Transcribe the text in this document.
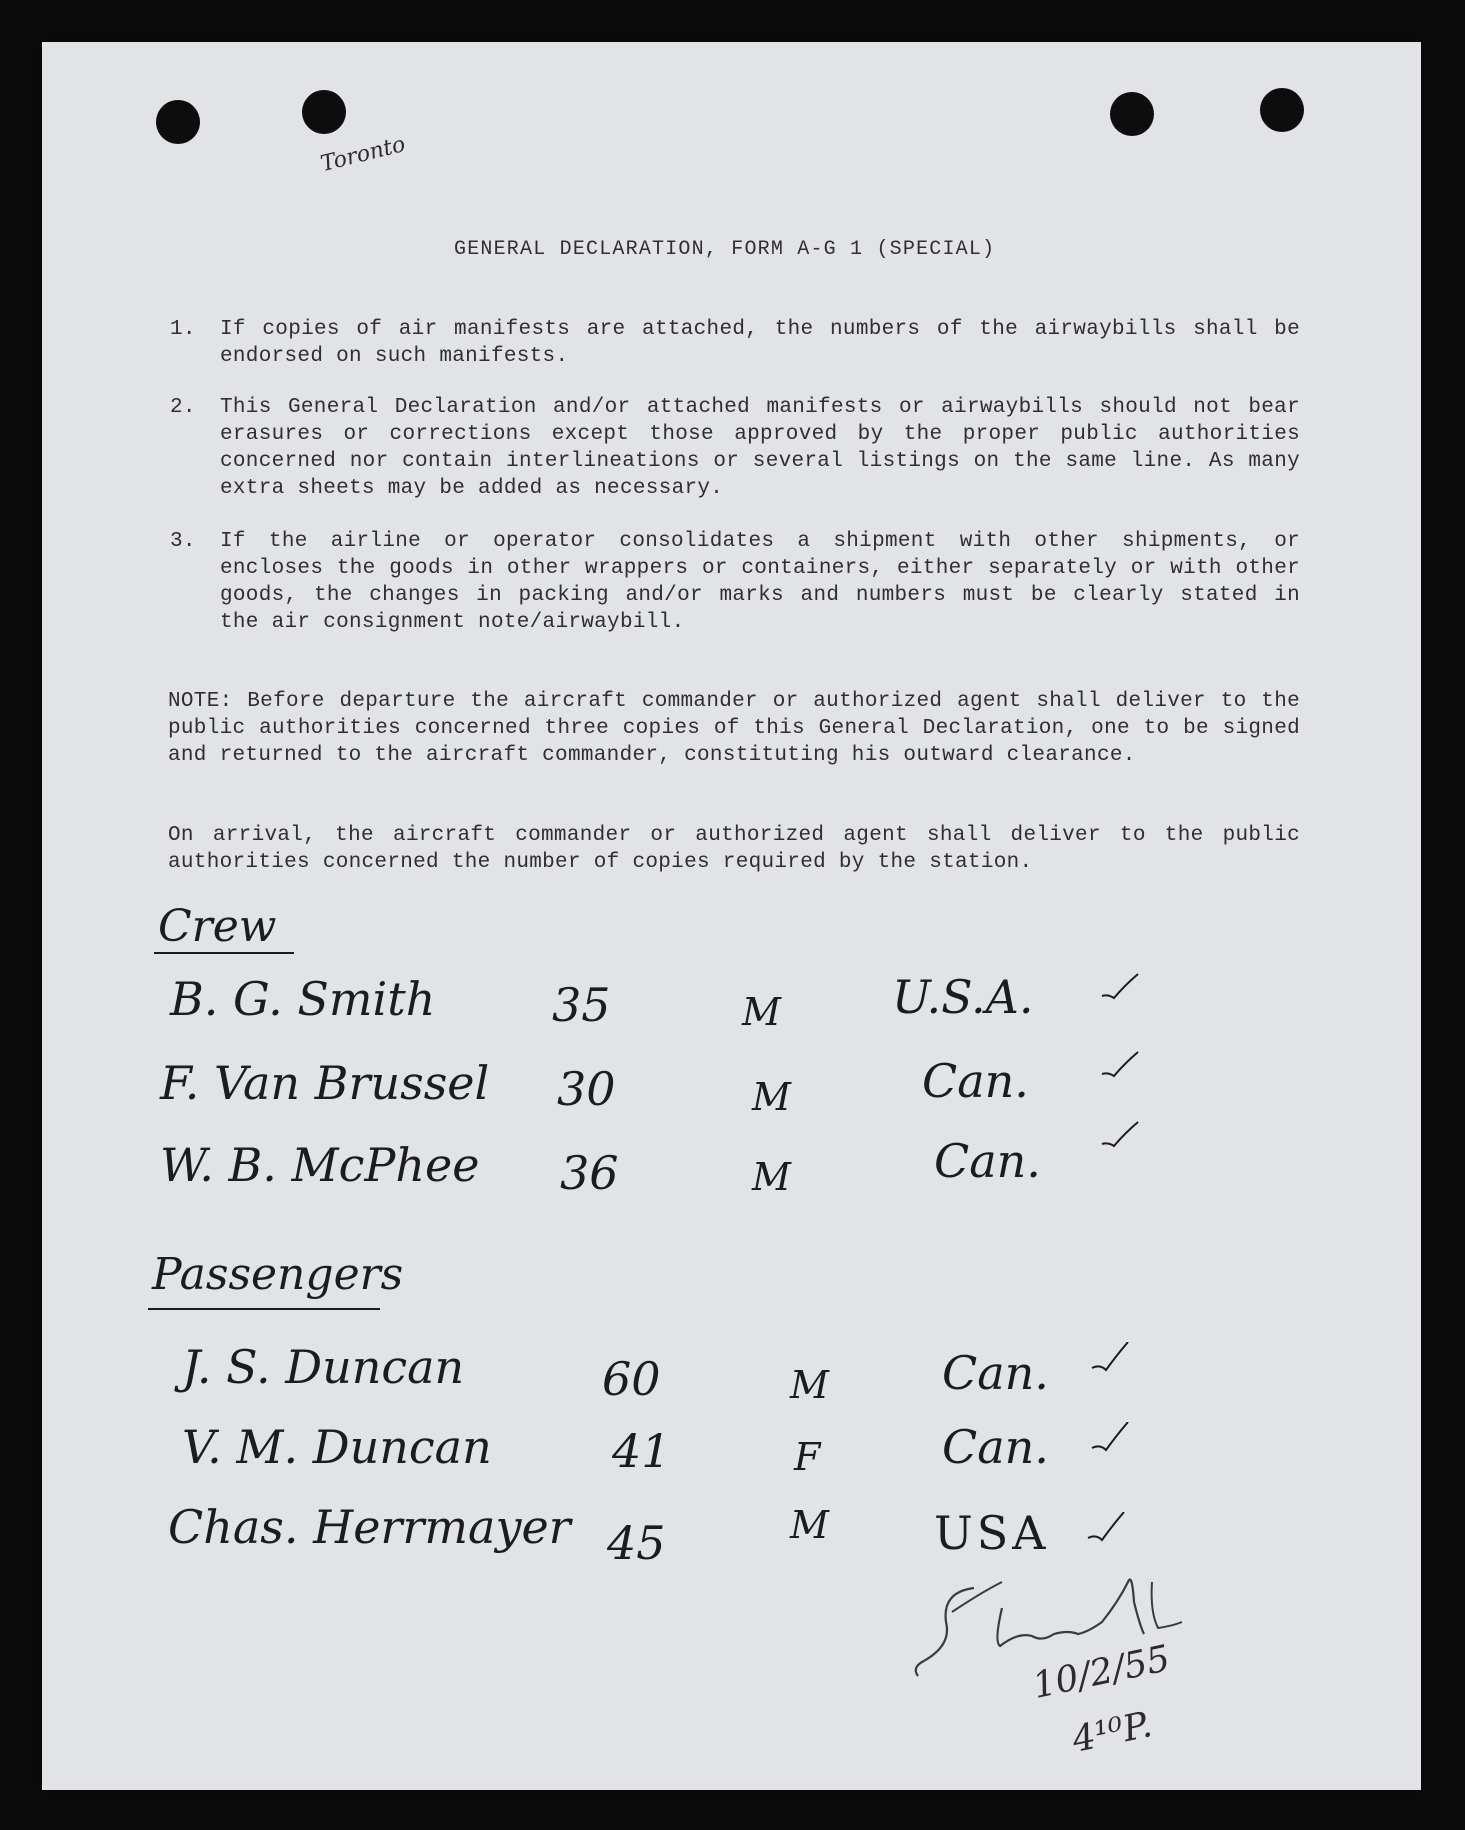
Toronto
GENERAL DECLARATION, FORM A-G 1 (SPECIAL)
1. If copies of air manifests are attached, the numbers of the airwaybills shall be endorsed on such manifests.
2. This General Declaration and/or attached manifests or airwaybills should not bear erasures or corrections except those approved by the proper public authorities concerned nor contain interlineations or several listings on the same line. As many extra sheets may be added as necessary.
3. If the airline or operator consolidates a shipment with other shipments, or encloses the goods in other wrappers or containers, either separately or with other goods, the changes in packing and/or marks and numbers must be clearly stated in the air consignment note/airwaybill.
NOTE: Before departure the aircraft commander or authorized agent shall deliver to the public authorities concerned three copies of this General Declaration, one to be signed and returned to the aircraft commander, constituting his outward clearance.
On arrival, the aircraft commander or authorized agent shall deliver to the public authorities concerned the number of copies required by the station.
Crew
B. G. Smith	35	M U.S.A.
F. Van Brussel 30	M	Can.
W. B. McPhee 36	M	Can.
Passengers
J. S. Duncan	60	M Can.
V. M. Duncan	41	F	Can.
Chas. Herrmayer 45	M USA
10/2/55
4¹⁰P.
